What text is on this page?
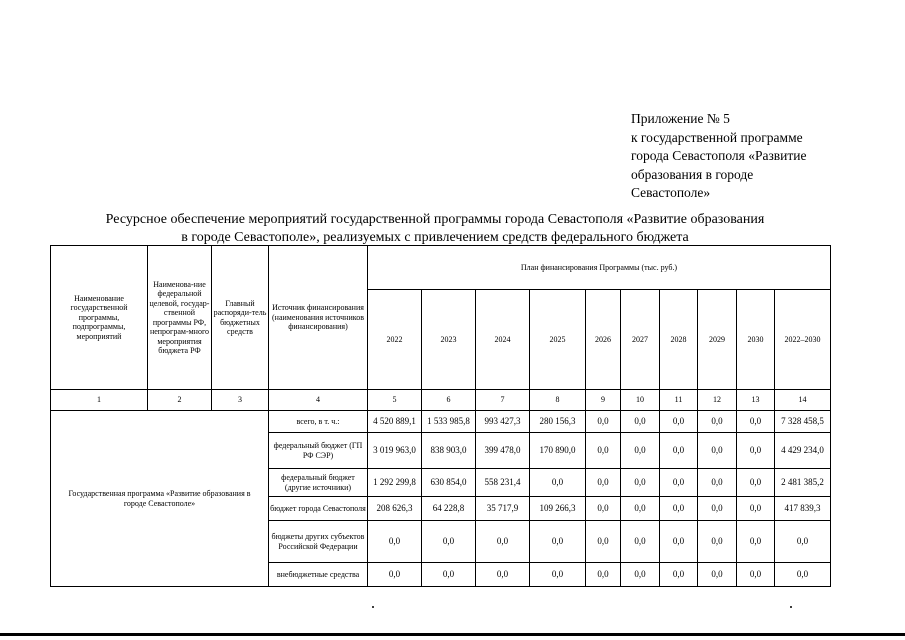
Приложение № 5
к государственной программе
города Севастополя «Развитие
образования в городе
Севастополе»
Ресурсное обеспечение мероприятий государственной программы города Севастополя «Развитие образования
в городе Севастополе», реализуемых с привлечением средств федерального бюджета
Наименование государственной программы, подпрограммы, мероприятий	Наименова-ние федеральной целевой, государ-ственной программы РФ, непрограм-много мероприятия бюджета РФ	Главный распоряди-тель бюджетных средств	Источник финансирования (наименования источников финансирования)	План финансирования Программы (тыс. руб.)									
				2022	2023	2024	2025	2026	2027	2028	2029	2030	2022–2030
1	2	3	4	5	6	7	8	9	10	11	12	13	14
Государственная программа «Развитие образования в городе Севастополе»			всего, в т. ч.:	4 520 889,1	1 533 985,8	993 427,3	280 156,3	0,0	0,0	0,0	0,0	0,0	7 328 458,5
			федеральный бюджет (ГП РФ СЭР)	3 019 963,0	838 903,0	399 478,0	170 890,0	0,0	0,0	0,0	0,0	0,0	4 429 234,0
			федеральный бюджет (другие источники)	1 292 299,8	630 854,0	558 231,4	0,0	0,0	0,0	0,0	0,0	0,0	2 481 385,2
			бюджет города Севастополя	208 626,3	64 228,8	35 717,9	109 266,3	0,0	0,0	0,0	0,0	0,0	417 839,3
			бюджеты других субъектов Российской Федерации	0,0	0,0	0,0	0,0	0,0	0,0	0,0	0,0	0,0	0,0
			внебюджетные средства	0,0	0,0	0,0	0,0	0,0	0,0	0,0	0,0	0,0	0,0
